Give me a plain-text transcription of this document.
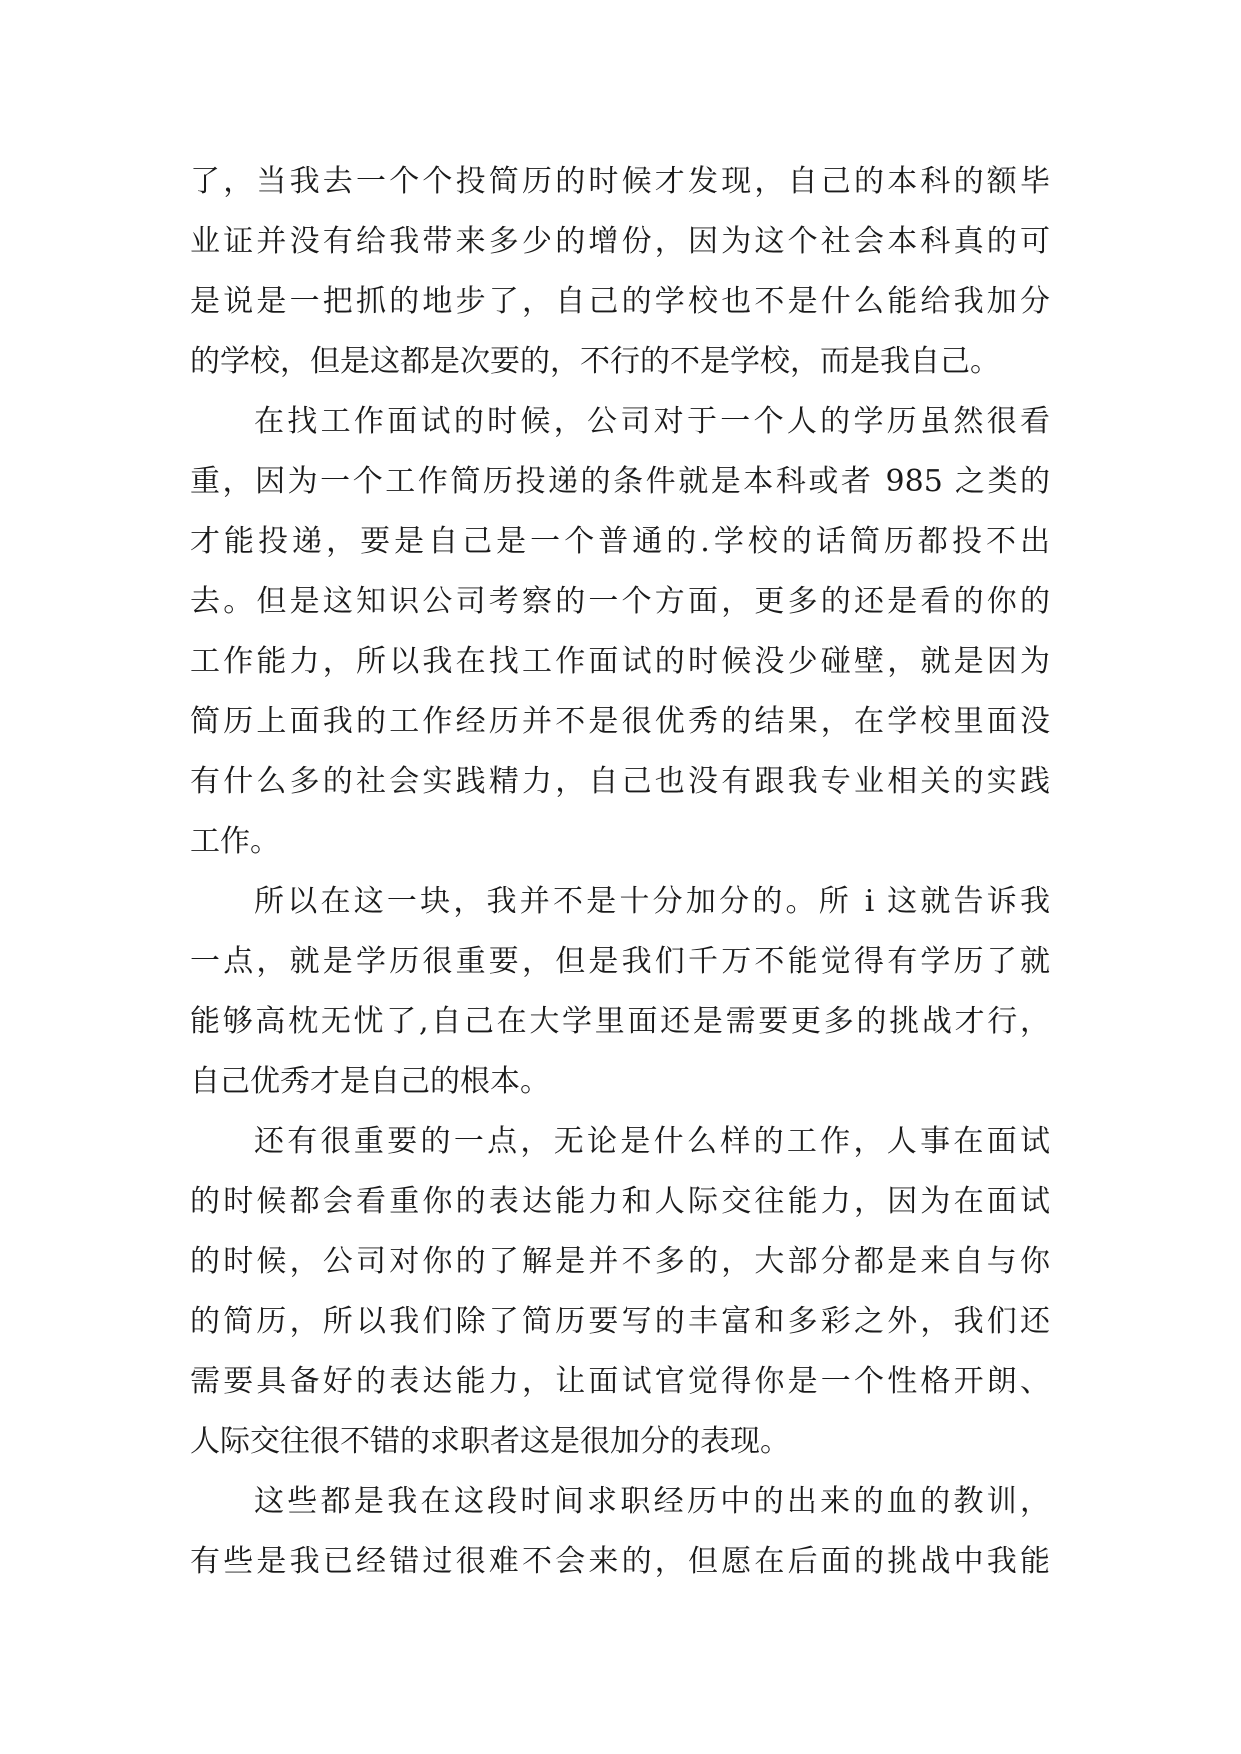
了，当我去一个个投简历的时候才发现，自己的本科的额毕
业证并没有给我带来多少的增份，因为这个社会本科真的可
是说是一把抓的地步了，自己的学校也不是什么能给我加分
的学校，但是这都是次要的，不行的不是学校，而是我自己。
在找工作面试的时候，公司对于一个人的学历虽然很看
重，因为一个工作简历投递的条件就是本科或者 985 之类的
才能投递，要是自己是一个普通的.学校的话简历都投不出
去。但是这知识公司考察的一个方面，更多的还是看的你的
工作能力，所以我在找工作面试的时候没少碰壁，就是因为
简历上面我的工作经历并不是很优秀的结果，在学校里面没
有什么多的社会实践精力，自己也没有跟我专业相关的实践
工作。
所以在这一块，我并不是十分加分的。所 i 这就告诉我
一点，就是学历很重要，但是我们千万不能觉得有学历了就
能够高枕无忧了,自己在大学里面还是需要更多的挑战才行，
自己优秀才是自己的根本。
还有很重要的一点，无论是什么样的工作，人事在面试
的时候都会看重你的表达能力和人际交往能力，因为在面试
的时候，公司对你的了解是并不多的，大部分都是来自与你
的简历，所以我们除了简历要写的丰富和多彩之外，我们还
需要具备好的表达能力，让面试官觉得你是一个性格开朗、
人际交往很不错的求职者这是很加分的表现。
这些都是我在这段时间求职经历中的出来的血的教训，
有些是我已经错过很难不会来的，但愿在后面的挑战中我能
